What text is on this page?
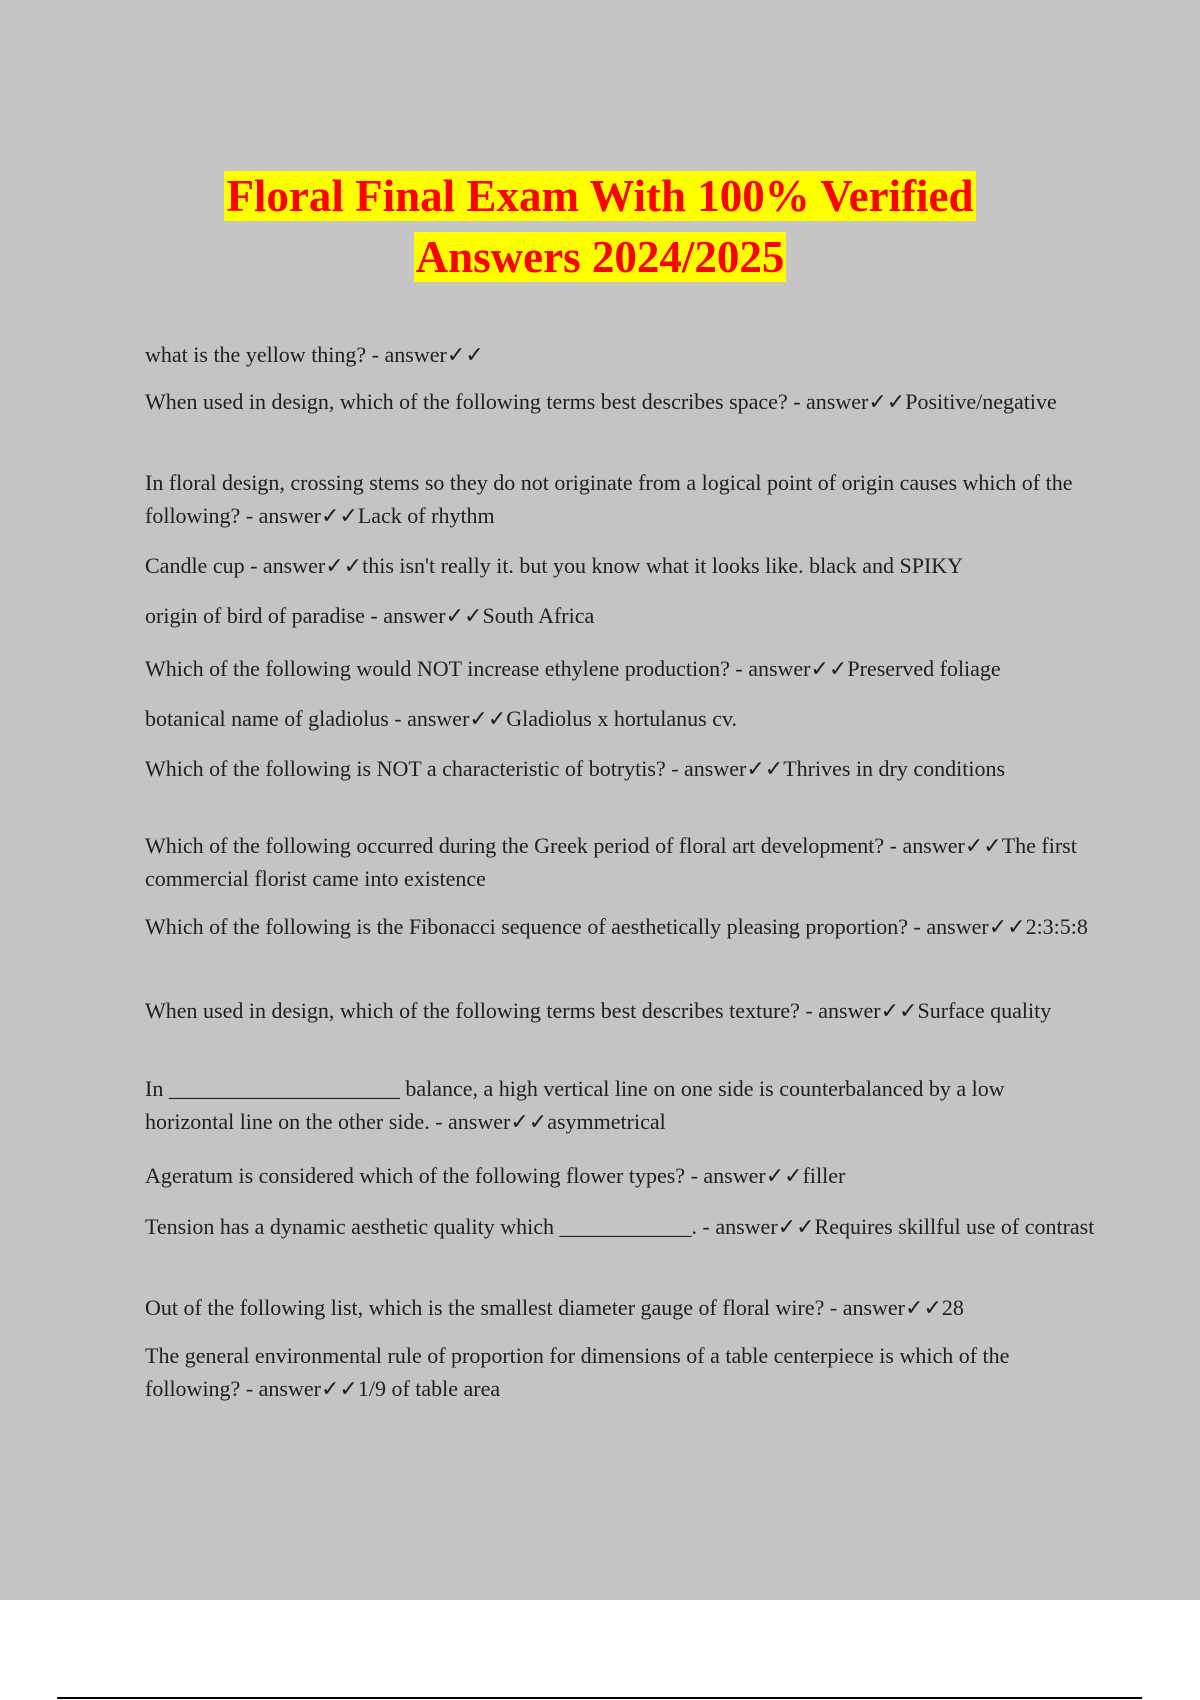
Floral Final Exam With 100% Verified
Answers 2024/2025
what is the yellow thing? - answer✓✓
When used in design, which of the following terms best describes space? - answer✓✓Positive/negative
In floral design, crossing stems so they do not originate from a logical point of origin causes which of the following? - answer✓✓Lack of rhythm
Candle cup - answer✓✓this isn't really it. but you know what it looks like. black and SPIKY
origin of bird of paradise - answer✓✓South Africa
Which of the following would NOT increase ethylene production? - answer✓✓Preserved foliage
botanical name of gladiolus - answer✓✓Gladiolus x hortulanus cv.
Which of the following is NOT a characteristic of botrytis? - answer✓✓Thrives in dry conditions
Which of the following occurred during the Greek period of floral art development? - answer✓✓The first commercial florist came into existence
Which of the following is the Fibonacci sequence of aesthetically pleasing proportion? - answer✓✓2:3:5:8
When used in design, which of the following terms best describes texture? - answer✓✓Surface quality
In _____________________ balance, a high vertical line on one side is counterbalanced by a low horizontal line on the other side. - answer✓✓asymmetrical
Ageratum is considered which of the following flower types? - answer✓✓filler
Tension has a dynamic aesthetic quality which ____________. - answer✓✓Requires skillful use of contrast
Out of the following list, which is the smallest diameter gauge of floral wire? - answer✓✓28
The general environmental rule of proportion for dimensions of a table centerpiece is which of the following? - answer✓✓1/9 of table area
